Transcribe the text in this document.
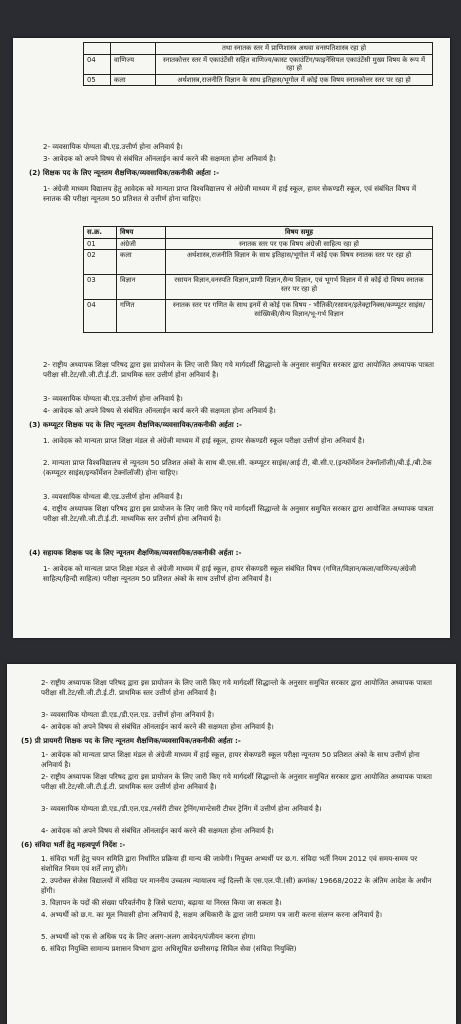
		तथा स्नातक स्तर में प्राणिशास्त्र अथवा वनस्पतिशास्त्र रहा हो
04	वाणिज्य	स्नातकोत्तर स्तर में एकाउंटेंसी सहित वाणिज्य/कास्ट एकाउंटिंग/फाइनेंसियल एकाउंटेंसी मुख्य विषय के रूप में रहा हो
05	कला	अर्थशास्त्र,राजनीति विज्ञान के साथ इतिहास/भूगोल में कोई एक विषय स्नातकोत्तर स्तर पर रहा हो
2- व्यवसायिक योग्यता बी.एड.उत्तीर्ण होना अनिवार्य है।
3- आवेदक को अपने विषय से संबंधित ऑनलाईन कार्य करने की सक्षमता होना अनिवार्य है।
(2) शिक्षक पद के लिए न्यूनतम शैक्षणिक/व्यवसायिक/तकनीकी अर्हता :-
1- अंग्रेजी माध्यम विद्यालय हेतु आवेदक को मान्यता प्राप्त विश्वविद्यालय से अंग्रेजी माध्यम में हाई स्कूल, हायर सेकण्डरी स्कूल, एवं संबंधित विषय में स्नातक की परीक्षा न्यूनतम 50 प्रतिशत से उत्तीर्ण होना चाहिए।
स.क्र.	विषय	विषय समूह
01	अंग्रेजी	स्नातक स्तर पर एक विषय अंग्रेजी साहित्य रहा हो
02	कला	अर्थशास्त्र,राजनीति विज्ञान के साथ इतिहास/भूगोल में कोई एक विषय स्नातक स्तर पर रहा हो
03	विज्ञान	रसायन विज्ञान,वनस्पति विज्ञान,प्राणी विज्ञान,सैन्य विज्ञान, एवं भूगर्भ विज्ञान में से कोई दो विषय स्नातक स्तर पर रहा हो
04	गणित	स्नातक स्तर पर गणित के साथ इनमें से कोई एक विषय - भौतिकी/रसायन/इलेक्ट्रानिक्स/कम्प्यूटर साइंस/सांख्यिकी/सैन्य विज्ञान/भू-गर्भ विज्ञान
2- राष्ट्रीय अध्यापक शिक्षा परिषद द्वारा इस प्रायोजन के लिए जारी किए गये मार्गदर्शी सिद्धान्तो के अनुसार समुचित सरकार द्वारा आयोजित अध्यापक पात्रता परीक्षा सी.टेट/सी.जी.टी.ई.टी. प्राथमिक स्तर उत्तीर्ण होना अनिवार्य है।
3- व्यवसायिक योग्यता बी.एड.उत्तीर्ण होना अनिवार्य है।
4- आवेदक को अपने विषय से संबंधित ऑनलाईन कार्य करने की सक्षमता होना अनिवार्य है।
(3) कम्प्यूटर शिक्षक पद के लिए न्यूनतम शैक्षणिक/व्यवसायिक/तकनीकी अर्हता :-
1. आवेदक को मान्यता प्राप्त शिक्षा मंडल से अंग्रेजी माध्यम में हाई स्कूल, हायर सेकण्डरी स्कूल परीक्षा उत्तीर्ण होना अनिवार्य है।
2. मान्यता प्राप्त विश्वविद्यालय से न्यूनतम 50 प्रतिशत अंको के साथ बी.एस.सी. कम्प्यूटर साइंस/आई टी, बी.सी.ए.(इन्फॉर्मेशन टेक्नॉलॉजी)/बी.ई./बी.टेक (कम्प्यूटर साइंस/इन्फॉर्मेशन टेक्नॉलॉजी) होना चाहिए।
3. व्यवसायिक योग्यता बी.एड.उत्तीर्ण होना अनिवार्य है।
4. राष्ट्रीय अध्यापक शिक्षा परिषद द्वारा इस प्रायोजन के लिए जारी किए गये मार्गदर्शी सिद्धान्तो के अनुसार समुचित सरकार द्वारा आयोजित अध्यापक पात्रता परीक्षा सी.टेट/सी.जी.टी.ई.टी. माध्यमिक स्तर उत्तीर्ण होना अनिवार्य है।
(4) सहायक शिक्षक पद के लिए न्यूनतम शैक्षणिक/व्यवसायिक/तकनीकी अर्हता :-
1- आवेदक को मान्यता प्राप्त शिक्षा मंडल से अंग्रेजी माध्यम में हाई स्कूल, हायर सेकण्डरी स्कूल संबंधित विषय (गणित/विज्ञान/कला/वाणिज्य/अंग्रेजी साहित्य/हिन्दी साहित्य) परीक्षा न्यूनतम 50 प्रतिशत अंको के साथ उत्तीर्ण होना अनिवार्य है।
2- राष्ट्रीय अध्यापक शिक्षा परिषद द्वारा इस प्रायोजन के लिए जारी किए गये मार्गदर्शी सिद्धान्तो के अनुसार समुचित सरकार द्वारा आयोजित अध्यापक पात्रता परीक्षा सी.टेट/सी.जी.टी.ई.टी. प्राथमिक स्तर उत्तीर्ण होना अनिवार्य है।
3- व्यवसायिक योग्यता डी.एड./डी.एल.एड. उत्तीर्ण होना अनिवार्य है।
4- आवेदक को अपने विषय से संबंधित ऑनलाईन कार्य करने की सक्षमता होना अनिवार्य है।
(5) प्री प्रायमरी शिक्षक पद के लिए न्यूनतम शैक्षणिक/व्यवसायिक/तकनीकी अर्हता :-
1- आवेदक को मान्यता प्राप्त शिक्षा मंडल से अंग्रेजी माध्यम में हाई स्कूल, हायर सेकण्डरी स्कूल परीक्षा न्यूनतम 50 प्रतिशत अंको के साथ उत्तीर्ण होना अनिवार्य है।
2- राष्ट्रीय अध्यापक शिक्षा परिषद द्वारा इस प्रायोजन के लिए जारी किए गये मार्गदर्शी सिद्धान्तो के अनुसार समुचित सरकार द्वारा आयोजित अध्यापक पात्रता परीक्षा सी.टेट/सी.जी.टी.ई.टी. प्राथमिक स्तर उत्तीर्ण होना अनिवार्य है।
3- व्यवसायिक योग्यता डी.एड./डी.एल.एड./नर्सरी टीचर ट्रेनिंग/मान्टेसरी टीचर ट्रेनिंग में उत्तीर्ण होना अनिवार्य है।
4- आवेदक को अपने विषय से संबंधित ऑनलाईन कार्य करने की सक्षमता होना अनिवार्य है।
(6) संविदा भर्ती हेतु महत्वपूर्ण निर्देश :-
1. संविदा भर्ती हेतु चयन समिति द्वारा निर्धारित प्रक्रिया ही मान्य की जावेगी। नियुक्त अभ्यर्थी पर छ.ग. संविदा भर्ती नियम 2012 एवं समय-समय पर संशोधित नियम एवं शर्तें लागू होंगे।
2. उपरोक्त सेजेस विद्यालयों में संविदा पर माननीय उच्चतम न्यायालय नई दिल्ली के एस.एल.पी.(सी) क्रमांक/ 19668/2022 के अंतिम आदेश के अधीन होंगी।
3. विज्ञापन के पदों की संख्या परिवर्तनीय है जिसे घटाया, बढ़ाया या निरस्त किया जा सकता है।
4. अभ्यर्थी को छ.ग. का मूल निवासी होना अनिवार्य है, सक्षम अधिकारी के द्वारा जारी प्रमाण पत्र जारी करना संलग्न करना अनिवार्य है।
5. अभ्यर्थी को एक से अधिक पद के लिए अलग-अलग आवेदन/पंजीयन करना होगा।
6. संविदा नियुक्ति सामान्य प्रशासन विभाग द्वारा अधिसूचित छत्तीसगढ़ सिविल सेवा (संविदा नियुक्ति)
